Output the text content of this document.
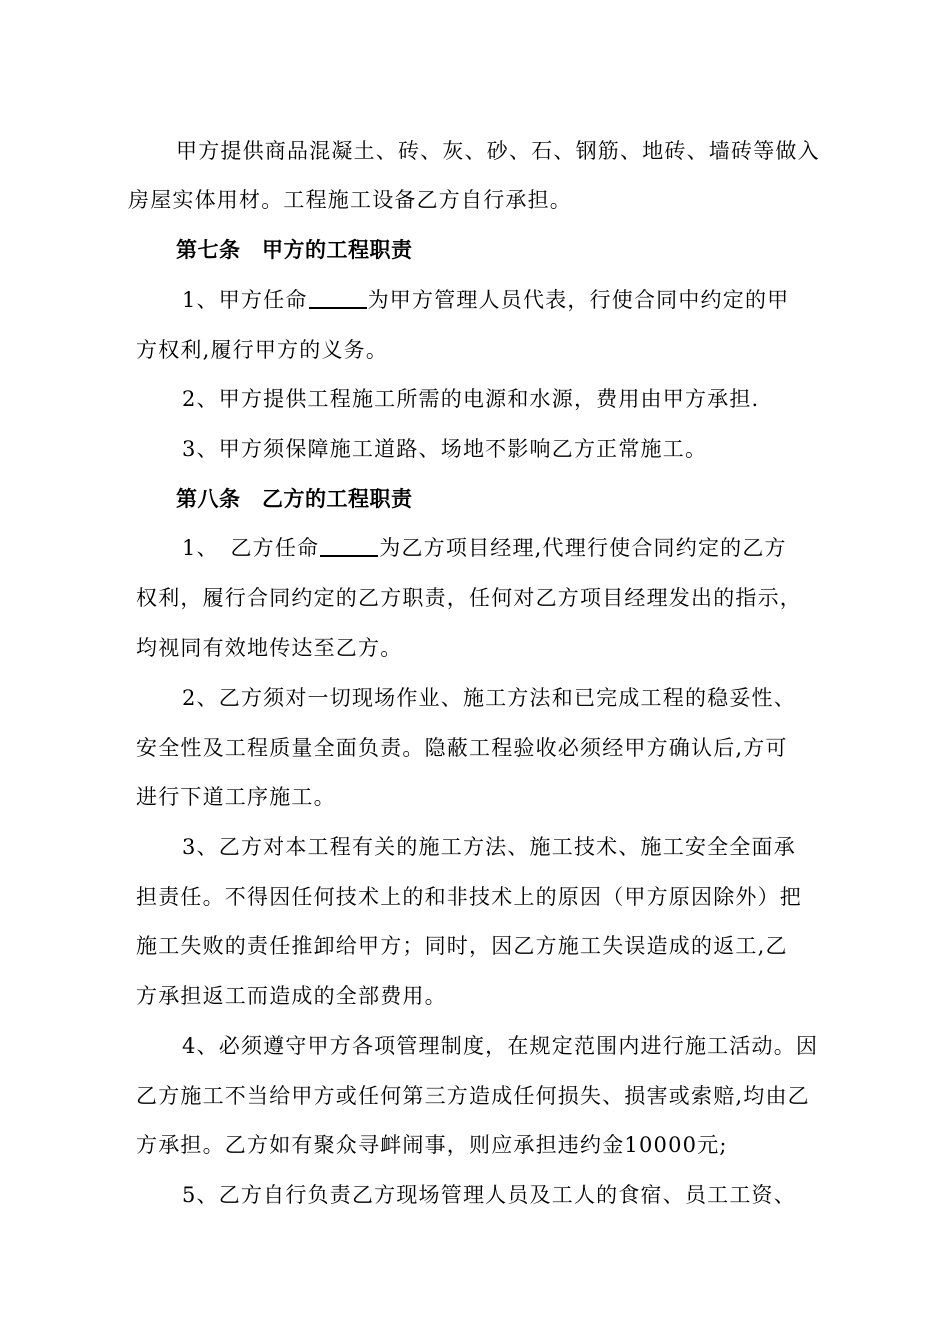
甲方提供商品混凝土、砖、灰、砂、石、钢筋、地砖、墙砖等做入
房屋实体用材。工程施工设备乙方自行承担。
第七条　甲方的工程职责
1、甲方任命	为甲方管理人员代表，行使合同中约定的甲
方权利,履行甲方的义务。
2、甲方提供工程施工所需的电源和水源，费用由甲方承担.
3、甲方须保障施工道路、场地不影响乙方正常施工。
第八条　乙方的工程职责
1、　乙方任命	为乙方项目经理,代理行使合同约定的乙方
权利，履行合同约定的乙方职责，任何对乙方项目经理发出的指示，
均视同有效地传达至乙方。
2、乙方须对一切现场作业、施工方法和已完成工程的稳妥性、
安全性及工程质量全面负责。隐蔽工程验收必须经甲方确认后,方可
进行下道工序施工。
3、乙方对本工程有关的施工方法、施工技术、施工安全全面承
担责任。不得因任何技术上的和非技术上的原因（甲方原因除外）把
施工失败的责任推卸给甲方；同时，因乙方施工失误造成的返工,乙
方承担返工而造成的全部费用。
4、必须遵守甲方各项管理制度，在规定范围内进行施工活动。因
乙方施工不当给甲方或任何第三方造成任何损失、损害或索赔,均由乙
方承担。乙方如有聚众寻衅闹事，则应承担违约金10000元;
5、乙方自行负责乙方现场管理人员及工人的食宿、员工工资、
